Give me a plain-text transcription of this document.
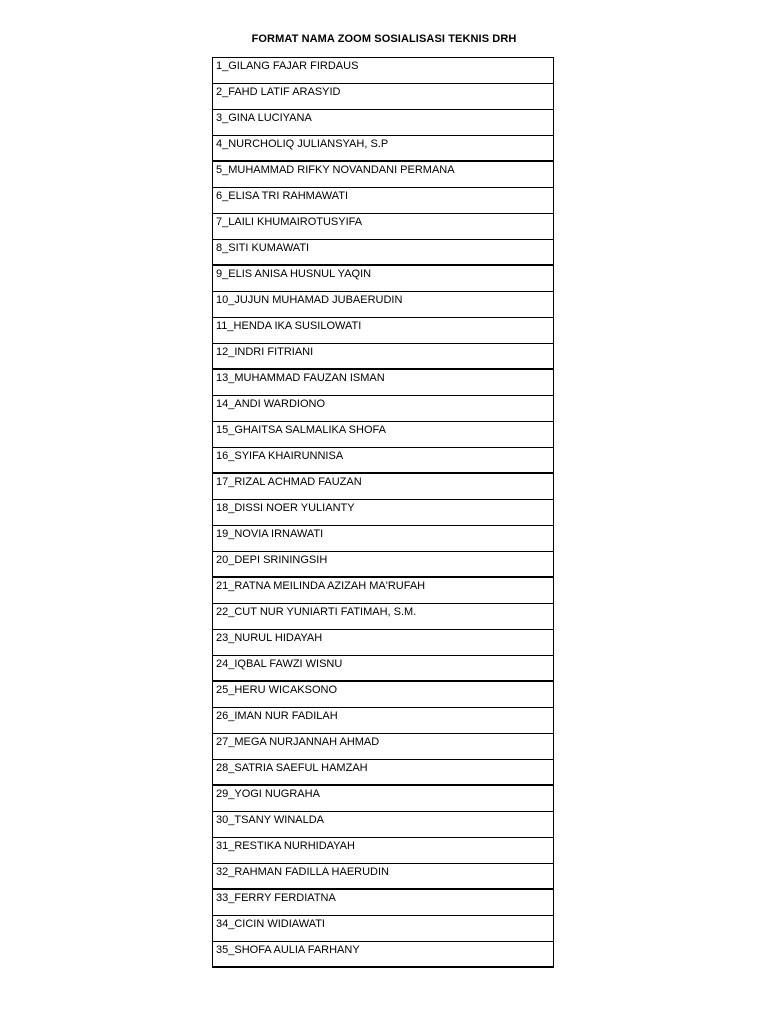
FORMAT NAMA ZOOM SOSIALISASI TEKNIS DRH
1_GILANG FAJAR FIRDAUS
2_FAHD LATIF ARASYID
3_GINA LUCIYANA
4_NURCHOLIQ JULIANSYAH, S.P
5_MUHAMMAD RIFKY NOVANDANI PERMANA
6_ELISA TRI RAHMAWATI
7_LAILI KHUMAIROTUSYIFA
8_SITI KUMAWATI
9_ELIS ANISA HUSNUL YAQIN
10_JUJUN MUHAMAD JUBAERUDIN
11_HENDA IKA SUSILOWATI
12_INDRI FITRIANI
13_MUHAMMAD FAUZAN ISMAN
14_ANDI WARDIONO
15_GHAITSA SALMALIKA SHOFA
16_SYIFA KHAIRUNNISA
17_RIZAL ACHMAD FAUZAN
18_DISSI NOER YULIANTY
19_NOVIA IRNAWATI
20_DEPI SRININGSIH
21_RATNA MEILINDA AZIZAH MA'RUFAH
22_CUT NUR YUNIARTI FATIMAH, S.M.
23_NURUL HIDAYAH
24_IQBAL FAWZI WISNU
25_HERU WICAKSONO
26_IMAN NUR FADILAH
27_MEGA NURJANNAH AHMAD
28_SATRIA SAEFUL HAMZAH
29_YOGI NUGRAHA
30_TSANY WINALDA
31_RESTIKA NURHIDAYAH
32_RAHMAN FADILLA HAERUDIN
33_FERRY FERDIATNA
34_CICIN WIDIAWATI
35_SHOFA AULIA FARHANY
